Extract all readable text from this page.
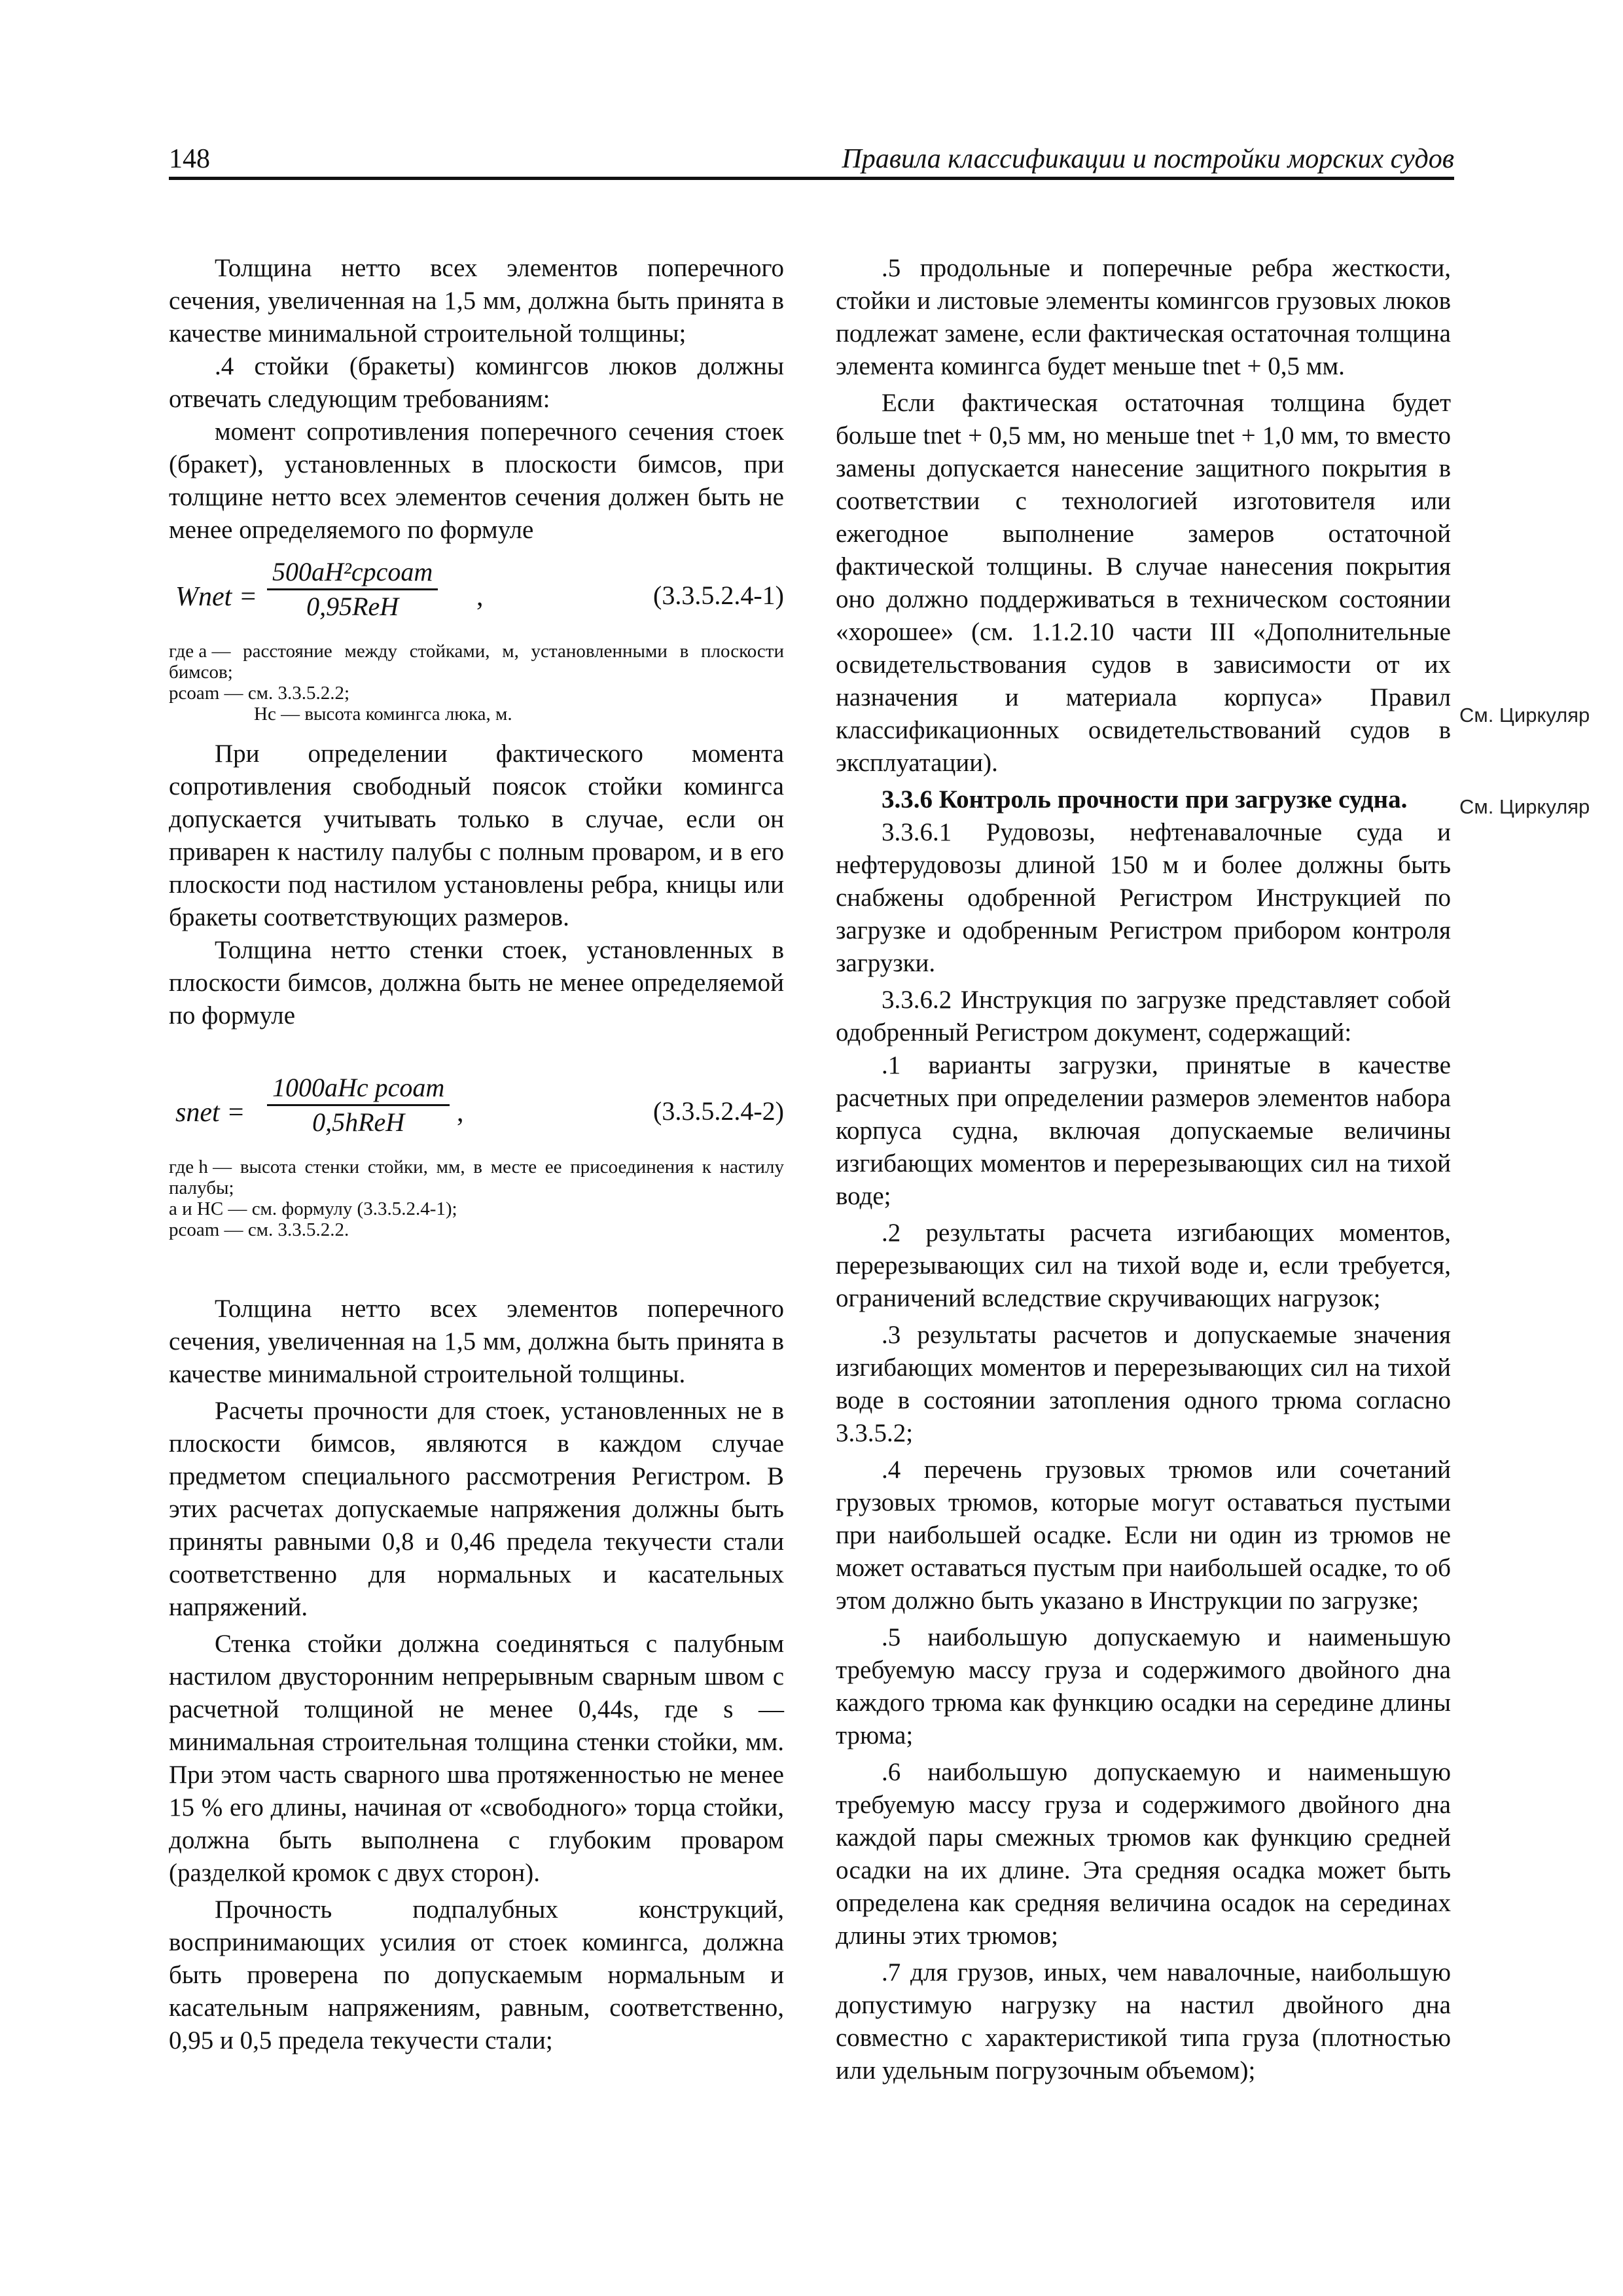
148	Правила классификации и постройки морских судов

Толщина нетто всех элементов поперечного сечения, увеличенная на 1,5 мм, должна быть принята в качестве минимальной строительной толщины;

.4 стойки (бракеты) комингсов люков должны отвечать следующим требованиям:

момент сопротивления поперечного сечения стоек (бракет), установленных в плоскости бимсов, при толщине нетто всех элементов сечения должен быть не менее определяемого по формуле

Wnet =
500aH²cpcoam
0,95ReH	,	(3.3.5.2.4-1)
где a — расстояние между стойками, м, установленными в плоскости бимсов;
pcoam — см. 3.3.5.2.2;
Hc — высота комингса люка, м.

При определении фактического момента сопротивления свободный поясок стойки комингса допускается учитывать только в случае, если он приварен к настилу палубы с полным проваром, и в его плоскости под настилом установлены ребра, кницы или бракеты соответствующих размеров.

Толщина нетто стенки стоек, установленных в плоскости бимсов, должна быть не менее определяемой по формуле

snet =
1000aHc pcoam
0,5hReH	,	(3.3.5.2.4-2)
где h — высота стенки стойки, мм, в месте ее присоединения к настилу палубы;
a и HC — см. формулу (3.3.5.2.4-1);
pcoam — см. 3.3.5.2.2.

Толщина нетто всех элементов поперечного сечения, увеличенная на 1,5 мм, должна быть принята в качестве минимальной строительной толщины.

Расчеты прочности для стоек, установленных не в плоскости бимсов, являются в каждом случае предметом специального рассмотрения Регистром. В этих расчетах допускаемые напряжения должны быть приняты равными 0,8 и 0,46 предела текучести стали соответственно для нормальных и касательных напряжений.

Стенка стойки должна соединяться с палубным настилом двусторонним непрерывным сварным швом с расчетной толщиной не менее 0,44s, где s — минимальная строительная толщина стенки стойки, мм. При этом часть сварного шва протяженностью не менее 15 % его длины, начиная от «свободного» торца стойки, должна быть выполнена с глубоким проваром (разделкой кромок с двух сторон).

Прочность подпалубных конструкций, воспринимающих усилия от стоек комингса, должна быть проверена по допускаемым нормальным и касательным напряжениям, равным, соответственно, 0,95 и 0,5 предела текучести стали;

.5 продольные и поперечные ребра жесткости, стойки и листовые элементы комингсов грузовых люков подлежат замене, если фактическая остаточная толщина элемента комингса будет меньше tnet + 0,5 мм.

Если фактическая остаточная толщина будет больше tnet + 0,5 мм, но меньше tnet + 1,0 мм, то вместо замены допускается нанесение защитного покрытия в соответствии с технологией изготовителя или ежегодное выполнение замеров остаточной фактической толщины. В случае нанесения покрытия оно должно поддерживаться в техническом состоянии «хорошее» (см. 1.1.2.10 части III «Дополнительные освидетельствования судов в зависимости от их назначения и материала корпуса» Правил классификационных освидетельствований судов в эксплуатации).

3.3.6 Контроль прочности при загрузке судна.

3.3.6.1 Рудовозы, нефтенавалочные суда и нефтерудовозы длиной 150 м и более должны быть снабжены одобренной Регистром Инструкцией по загрузке и одобренным Регистром прибором контроля загрузки.

3.3.6.2 Инструкция по загрузке представляет собой одобренный Регистром документ, содержащий:

.1 варианты загрузки, принятые в качестве расчетных при определении размеров элементов набора корпуса судна, включая допускаемые величины изгибающих моментов и перерезывающих сил на тихой воде;

.2 результаты расчета изгибающих моментов, перерезывающих сил на тихой воде и, если требуется, ограничений вследствие скручивающих нагрузок;

.3 результаты расчетов и допускаемые значения изгибающих моментов и перерезывающих сил на тихой воде в состоянии затопления одного трюма согласно 3.3.5.2;

.4 перечень грузовых трюмов или сочетаний грузовых трюмов, которые могут оставаться пустыми при наибольшей осадке. Если ни один из трюмов не может оставаться пустым при наибольшей осадке, то об этом должно быть указано в Инструкции по загрузке;

.5 наибольшую допускаемую и наименьшую требуемую массу груза и содержимого двойного дна каждого трюма как функцию осадки на середине длины трюма;

.6 наибольшую допускаемую и наименьшую требуемую массу груза и содержимого двойного дна каждой пары смежных трюмов как функцию средней осадки на их длине. Эта средняя осадка может быть определена как средняя величина осадок на серединах длины этих трюмов;

.7 для грузов, иных, чем навалочные, наибольшую допустимую нагрузку на настил двойного дна совместно с характеристикой типа груза (плотностью или удельным погрузочным объемом);

См. Циркуляр
См. Циркуляр
